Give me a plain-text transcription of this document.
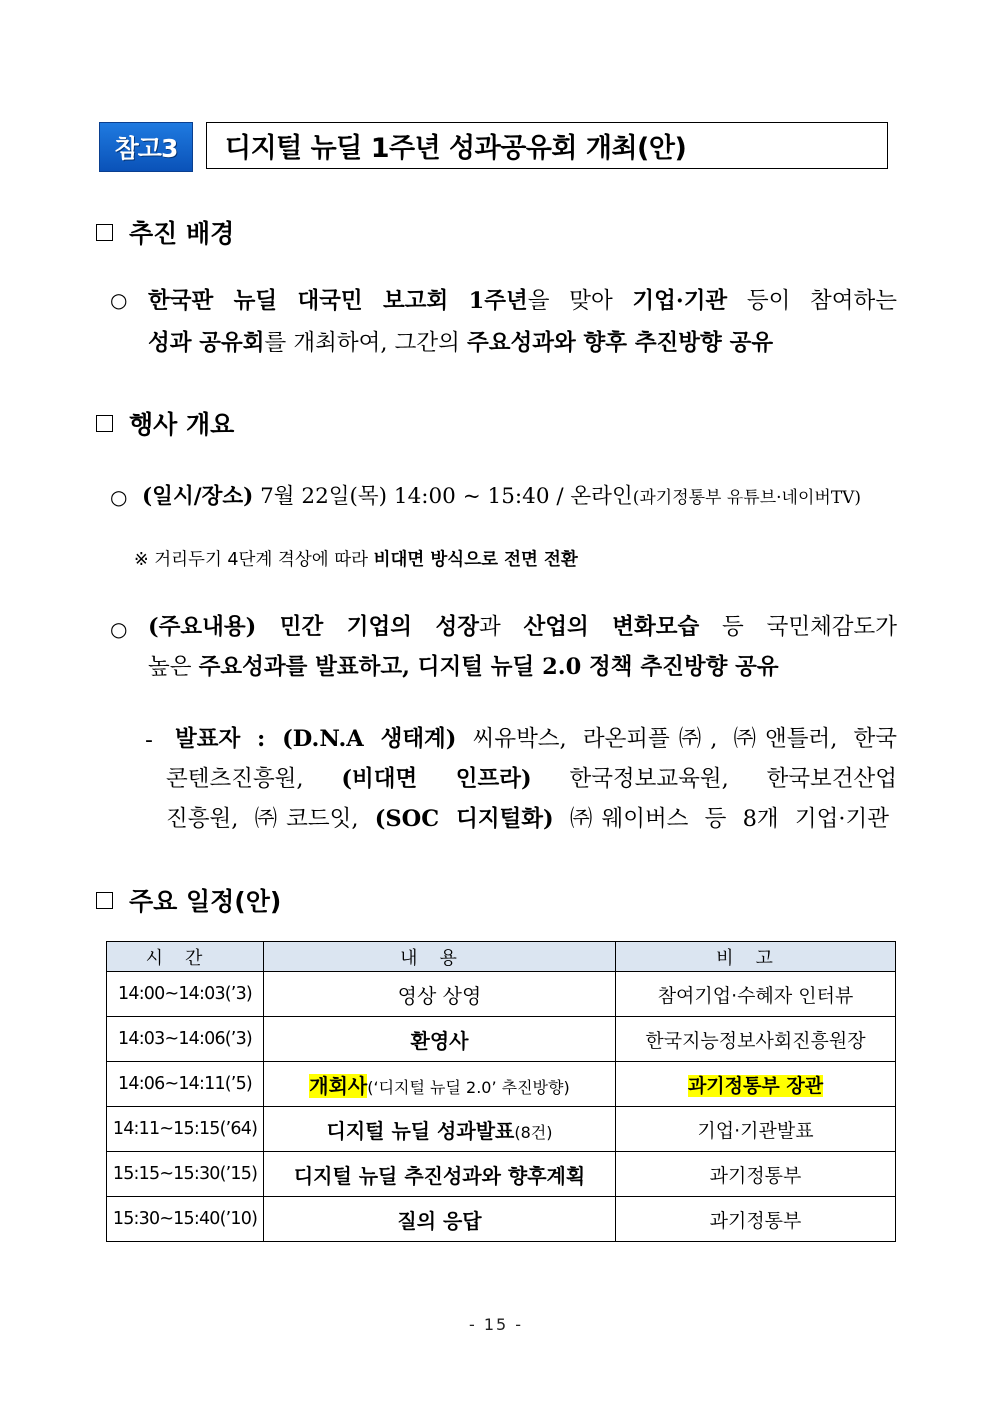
참고3	디지털 뉴딜 1주년 성과공유회 개최(안)
추진 배경
○ 한국판 뉴딜 대국민 보고회 1주년을 맞아 기업·기관 등이 참여하는
성과 공유회를 개최하여, 그간의 주요성과와 향후 추진방향 공유
행사 개요
○ (일시/장소) 7월 22일(목) 14:00 ~ 15:40 / 온라인(과기정통부 유튜브·네이버TV)
※ 거리두기 4단계 격상에 따라 비대면 방식으로 전면 전환
○ (주요내용) 민간 기업의 성장과 산업의 변화모습 등 국민체감도가
높은 주요성과를 발표하고, 디지털 뉴딜 2.0 정책 추진방향 공유
- 발표자 : (D.N.A 생태계) 씨유박스, 라온피플㈜, ㈜앤틀러, 한국
콘텐츠진흥원, (비대면 인프라) 한국정보교육원, 한국보건산업
진흥원, ㈜코드잇, (SOC 디지털화) ㈜웨이버스 등 8개 기업·기관
주요 일정(안)
시간	내용	비고
14:00~14:03(’3)	영상 상영	참여기업·수혜자 인터뷰
14:03~14:06(’3)	환영사	한국지능정보사회진흥원장
14:06~14:11(’5)	개회사(‘디지털 뉴딜 2.0’ 추진방향)	과기정통부 장관
14:11~15:15(’64)	디지털 뉴딜 성과발표(8건)	기업·기관발표
15:15~15:30(’15)	디지털 뉴딜 추진성과와 향후계획	과기정통부
15:30~15:40(’10)	질의 응답	과기정통부
- 15 -
